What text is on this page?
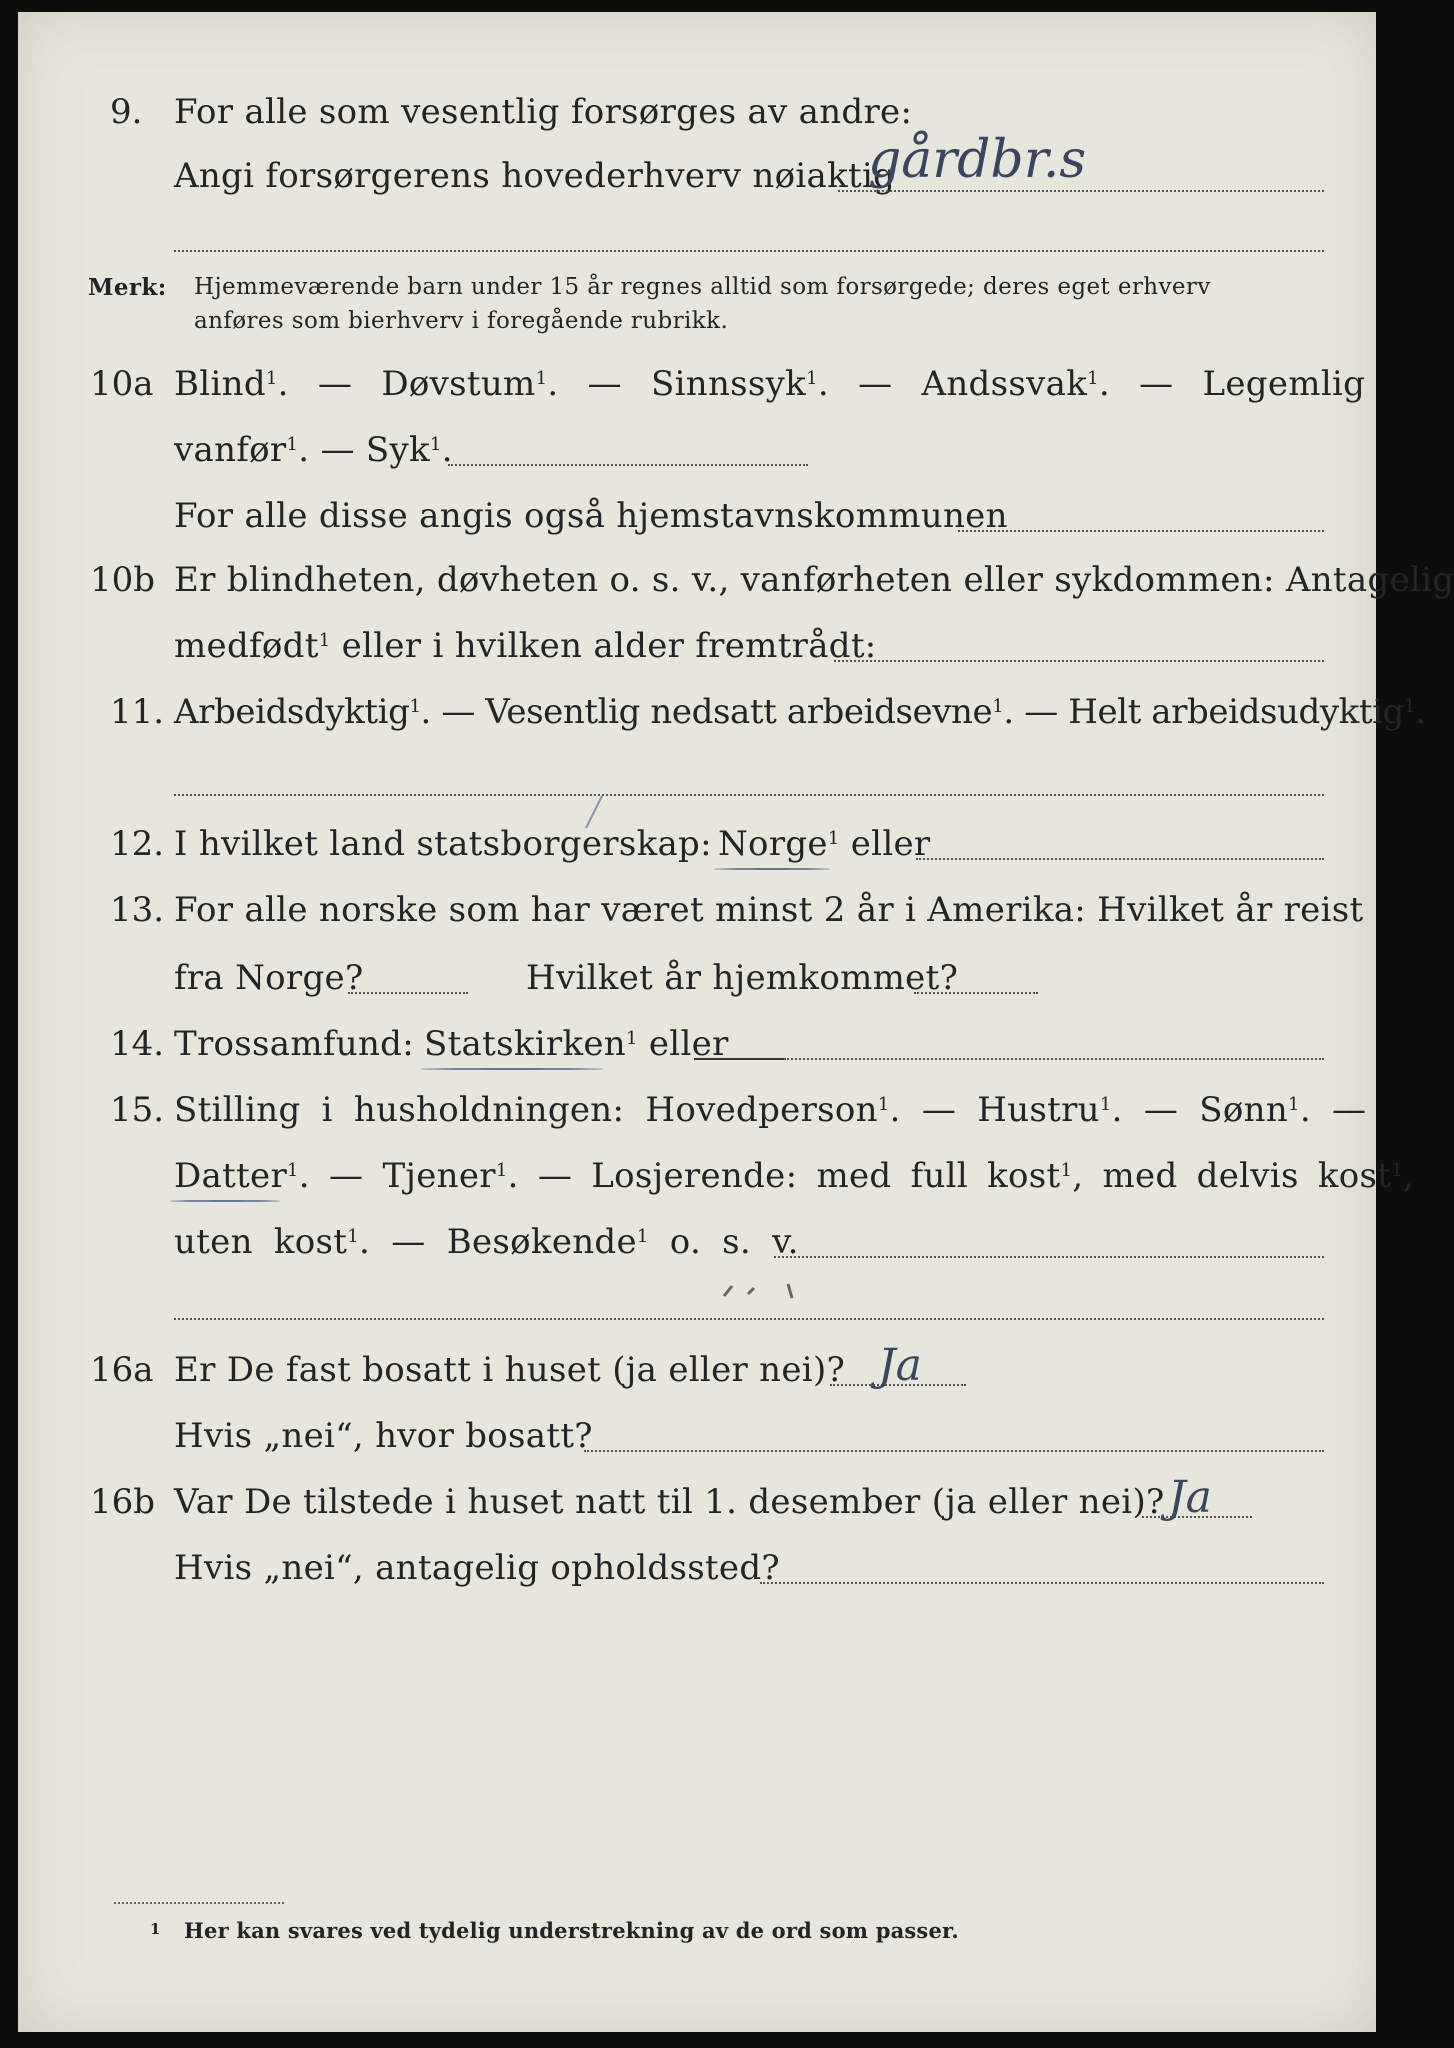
9. For alle som vesentlig forsørges av andre:
Angi forsørgerens hovederhverv nøiaktig
gårdbr.s
Merk: Hjemmeværende barn under 15 år regnes alltid som forsørgede; deres eget erhverv
anføres som bierhverv i foregående rubrikk.
10a Blind$^1$. — Døvstum$^1$. — Sinnssyk$^1$. — Andssvak$^1$. — Legemlig
vanfør$^1$. — Syk$^1$.
For alle disse angis også hjemstavnskommunen
10b Er blindheten, døvheten o. s. v., vanførheten eller sykdommen: Antagelig
medfødt$^1$ eller i hvilken alder fremtrådt:
11. Arbeidsdyktig$^1$. — Vesentlig nedsatt arbeidsevne$^1$. — Helt arbeidsudyktig$^1$.
12. I hvilket land statsborgerskap: Norge$^1$ eller
13. For alle norske som har været minst 2 år i Amerika: Hvilket år reist
fra Norge?	Hvilket år hjemkommet?
14. Trossamfund: Statskirken$^1$ eller
15. Stilling i husholdningen: Hovedperson$^1$. — Hustru$^1$. — Sønn$^1$. —
Datter$^1$. — Tjener$^1$. — Losjerende: med full kost$^1$, med delvis kost$^1$,
uten kost$^1$. — Besøkende$^1$ o. s. v.
16a Er De fast bosatt i huset (ja eller nei)? Ja
Hvis „nei“, hvor bosatt?
16b Var De tilstede i huset natt til 1. desember (ja eller nei)? Ja
Hvis „nei“, antagelig opholdssted?
1 Her kan svares ved tydelig understrekning av de ord som passer.
